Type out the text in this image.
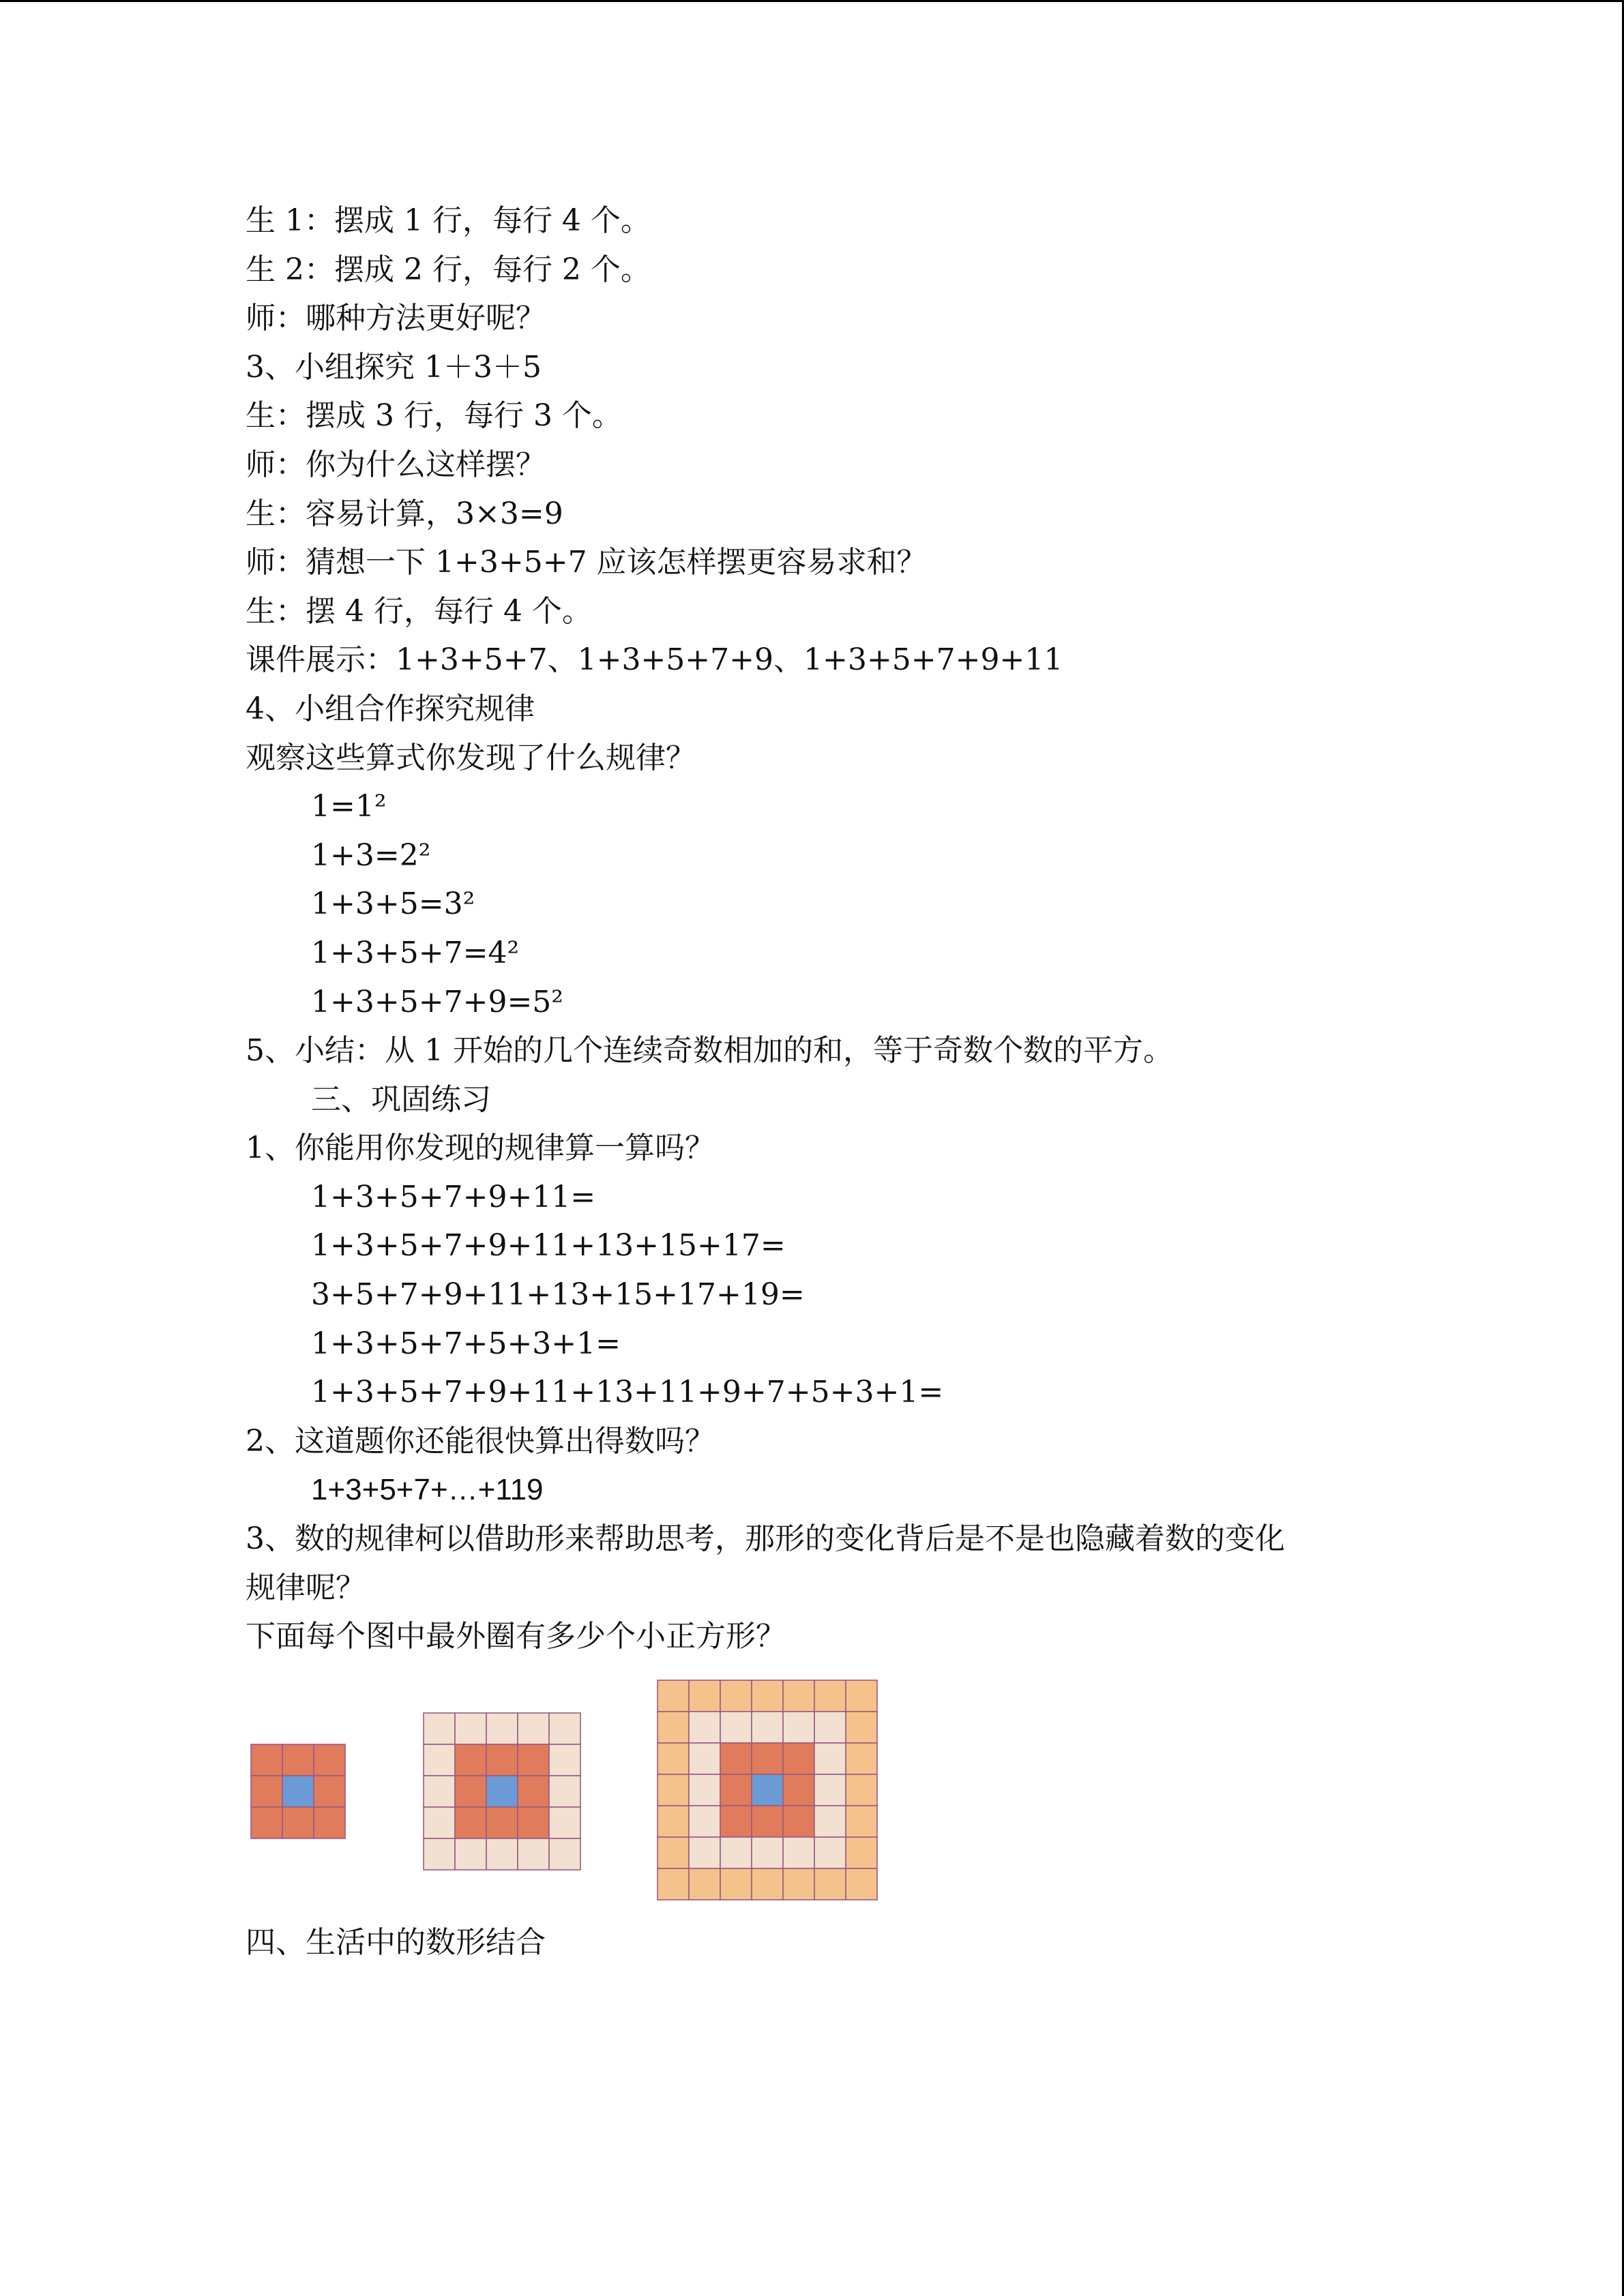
生 1：摆成 1 行，每行 4 个。
生 2：摆成 2 行，每行 2 个。
师：哪种方法更好呢？
3、小组探究 1＋3＋5
生：摆成 3 行，每行 3 个。
师：你为什么这样摆？
生：容易计算，3×3=9
师：猜想一下 1+3+5+7 应该怎样摆更容易求和？
生：摆 4 行，每行 4 个。
课件展示：1+3+5+7、1+3+5+7+9、1+3+5+7+9+11
4、小组合作探究规律
观察这些算式你发现了什么规律？
1=1²
1+3=2²
1+3+5=3²
1+3+5+7=4²
1+3+5+7+9=5²
5、小结：从 1 开始的几个连续奇数相加的和，等于奇数个数的平方。
三、巩固练习
1、你能用你发现的规律算一算吗？
1+3+5+7+9+11=
1+3+5+7+9+11+13+15+17=
3+5+7+9+11+13+15+17+19=
1+3+5+7+5+3+1=
1+3+5+7+9+11+13+11+9+7+5+3+1=
2、这道题你还能很快算出得数吗？
1+3+5+7+…+119
3、数的规律柯以借助形来帮助思考，那形的变化背后是不是也隐藏着数的变化
规律呢？
下面每个图中最外圈有多少个小正方形？
四、生活中的数形结合
